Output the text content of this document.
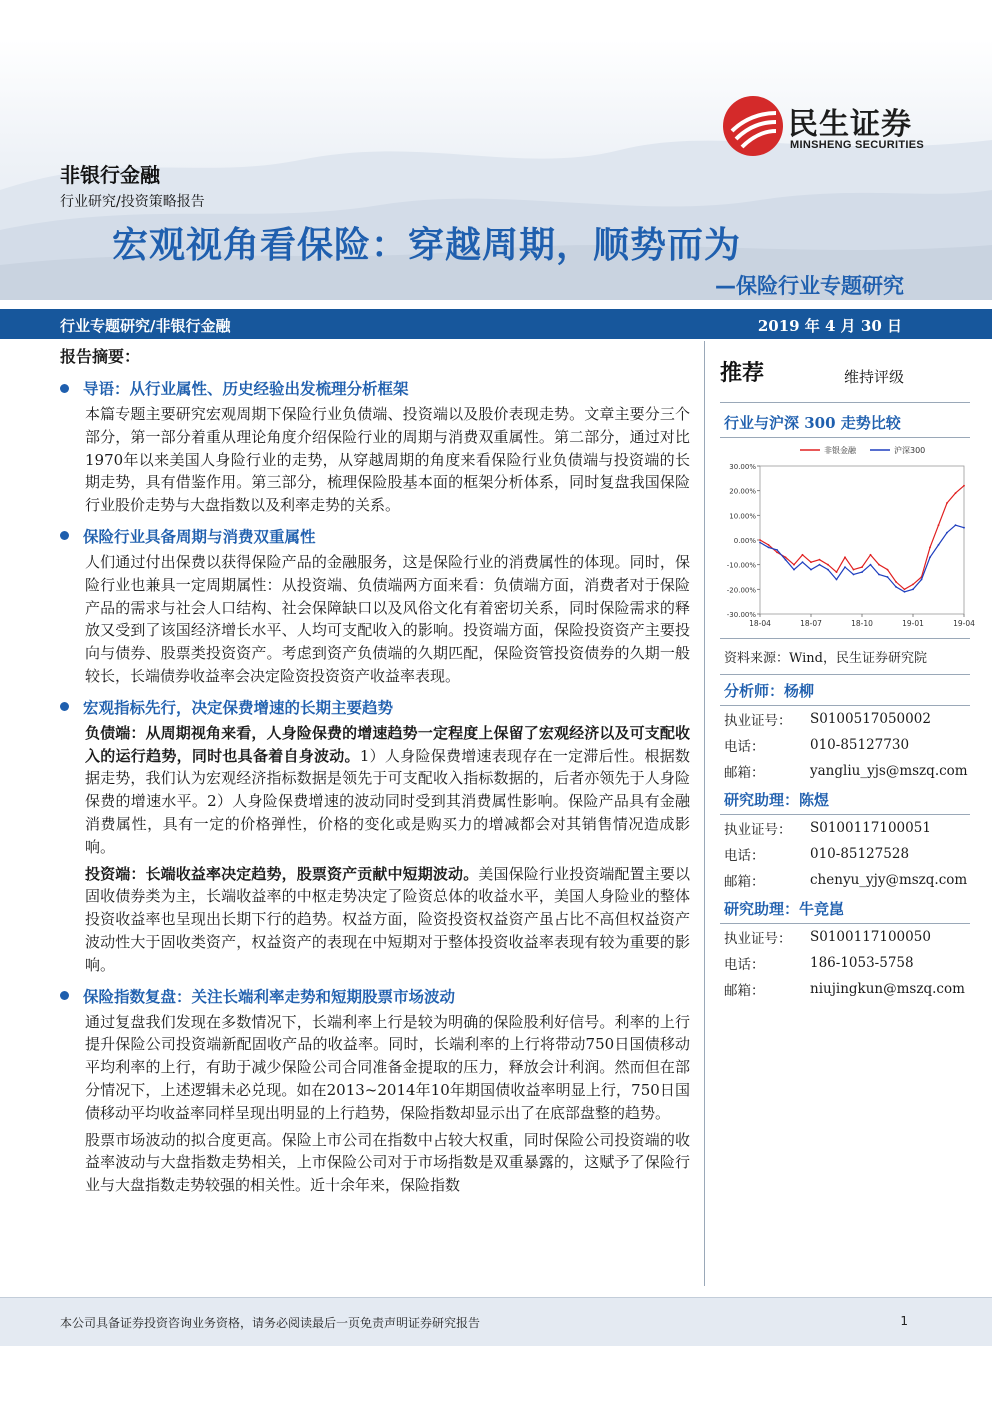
民生证券
MINSHENG SECURITIES
非银行金融
行业研究/投资策略报告
宏观视角看保险：穿越周期，顺势而为
—保险行业专题研究
行业专题研究/非银行金融	2019 年 4 月 30 日
报告摘要：
导语：从行业属性、历史经验出发梳理分析框架

本篇专题主要研究宏观周期下保险行业负债端、投资端以及股价表现走势。文章主要分三个部分，第一部分着重从理论角度介绍保险行业的周期与消费双重属性。第二部分，通过对比1970年以来美国人身险行业的走势，从穿越周期的角度来看保险行业负债端与投资端的长期走势，具有借鉴作用。第三部分，梳理保险股基本面的框架分析体系，同时复盘我国保险行业股价走势与大盘指数以及利率走势的关系。

保险行业具备周期与消费双重属性

人们通过付出保费以获得保险产品的金融服务，这是保险行业的消费属性的体现。同时，保险行业也兼具一定周期属性：从投资端、负债端两方面来看：负债端方面，消费者对于保险产品的需求与社会人口结构、社会保障缺口以及风俗文化有着密切关系，同时保险需求的释放又受到了该国经济增长水平、人均可支配收入的影响。投资端方面，保险投资资产主要投向与债券、股票类投资资产。考虑到资产负债端的久期匹配，保险资管投资债券的久期一般较长，长端债券收益率会决定险资投资资产收益率表现。

宏观指标先行，决定保费增速的长期主要趋势

负债端：从周期视角来看，人身险保费的增速趋势一定程度上保留了宏观经济以及可支配收入的运行趋势，同时也具备着自身波动。1）人身险保费增速表现存在一定滞后性。根据数据走势，我们认为宏观经济指标数据是领先于可支配收入指标数据的，后者亦领先于人身险保费的增速水平。2）人身险保费增速的波动同时受到其消费属性影响。保险产品具有金融消费属性，具有一定的价格弹性，价格的变化或是购买力的增减都会对其销售情况造成影响。

投资端：长端收益率决定趋势，股票资产贡献中短期波动。美国保险行业投资端配置主要以固收债券类为主，长端收益率的中枢走势决定了险资总体的收益水平，美国人身险业的整体投资收益率也呈现出长期下行的趋势。权益方面，险资投资权益资产虽占比不高但权益资产波动性大于固收类资产，权益资产的表现在中短期对于整体投资收益率表现有较为重要的影响。

保险指数复盘：关注长端利率走势和短期股票市场波动

通过复盘我们发现在多数情况下，长端利率上行是较为明确的保险股利好信号。利率的上行提升保险公司投资端新配固收产品的收益率。同时，长端利率的上行将带动750日国债移动平均利率的上行，有助于减少保险公司合同准备金提取的压力，释放会计利润。然而但在部分情况下，上述逻辑未必兑现。如在2013~2014年10年期国债收益率明显上行，750日国债移动平均收益率同样呈现出明显的上行趋势，保险指数却显示出了在底部盘整的趋势。

股票市场波动的拟合度更高。保险上市公司在指数中占较大权重，同时保险公司投资端的收益率波动与大盘指数走势相关，上市保险公司对于市场指数是双重暴露的，这赋予了保险行业与大盘指数走势较强的相关性。近十余年来，保险指数

推荐	维持评级
行业与沪深 300 走势比较
30.00%
20.00%
10.00%
0.00%
-10.00%
-20.00%
-30.00%
18-04	18-07	18-10	19-01	19-04
非银金融	沪深300
资料来源：Wind，民生证券研究院
分析师：杨柳
执业证号：	S0100517050002
电话：	010-85127730
邮箱：	yangliu_yjs@mszq.com
研究助理：陈煜
执业证号：	S0100117100051
电话：	010-85127528
邮箱：	chenyu_yjy@mszq.com
研究助理：牛竞崑
执业证号：	S0100117100050
电话：	186-1053-5758
邮箱：	niujingkun@mszq.com
本公司具备证券投资咨询业务资格，请务必阅读最后一页免责声明证券研究报告	1
